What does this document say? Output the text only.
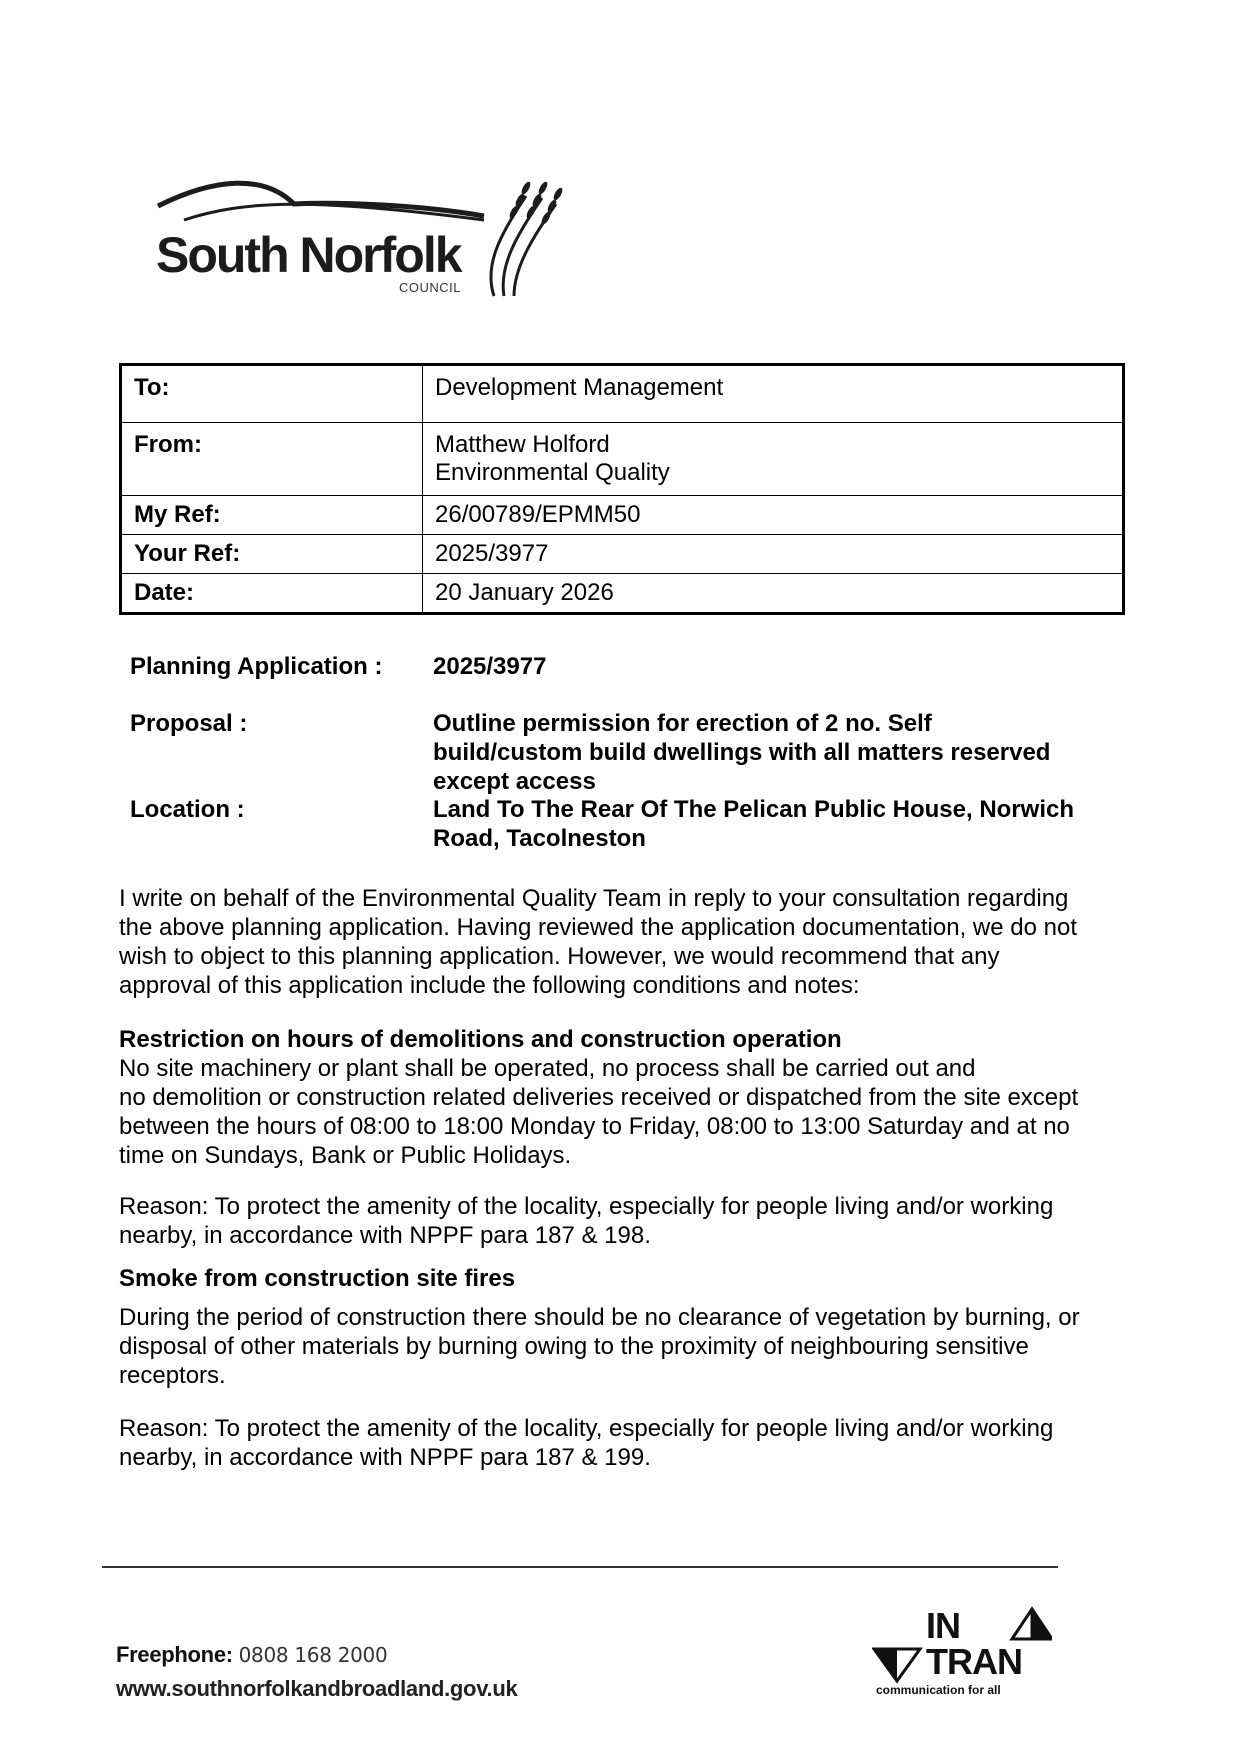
South Norfolk
COUNCIL
To:	Development Management
From:	Matthew Holford
Environmental Quality

My Ref:	26/00789/EPMM50
Your Ref:	2025/3977
Date:	20 January 2026
Planning Application :	2025/3977
Proposal :	Outline permission for erection of 2 no. Self
build/custom build dwellings with all matters reserved
except access
Location :	Land To The Rear Of The Pelican Public House, Norwich
Road, Tacolneston
I write on behalf of the Environmental Quality Team in reply to your consultation regarding
the above planning application. Having reviewed the application documentation, we do not
wish to object to this planning application. However, we would recommend that any
approval of this application include the following conditions and notes:
Restriction on hours of demolitions and construction operation
No site machinery or plant shall be operated, no process shall be carried out and
no demolition or construction related deliveries received or dispatched from the site except
between the hours of 08:00 to 18:00 Monday to Friday, 08:00 to 13:00 Saturday and at no
time on Sundays, Bank or Public Holidays.
Reason: To protect the amenity of the locality, especially for people living and/or working
nearby, in accordance with NPPF para 187 & 198.
Smoke from construction site fires
During the period of construction there should be no clearance of vegetation by burning, or
disposal of other materials by burning owing to the proximity of neighbouring sensitive
receptors.
Reason: To protect the amenity of the locality, especially for people living and/or working
nearby, in accordance with NPPF para 187 & 199.
Freephone: 0808 168 2000
www.southnorfolkandbroadland.gov.uk
IN
TRAN
communication for all
